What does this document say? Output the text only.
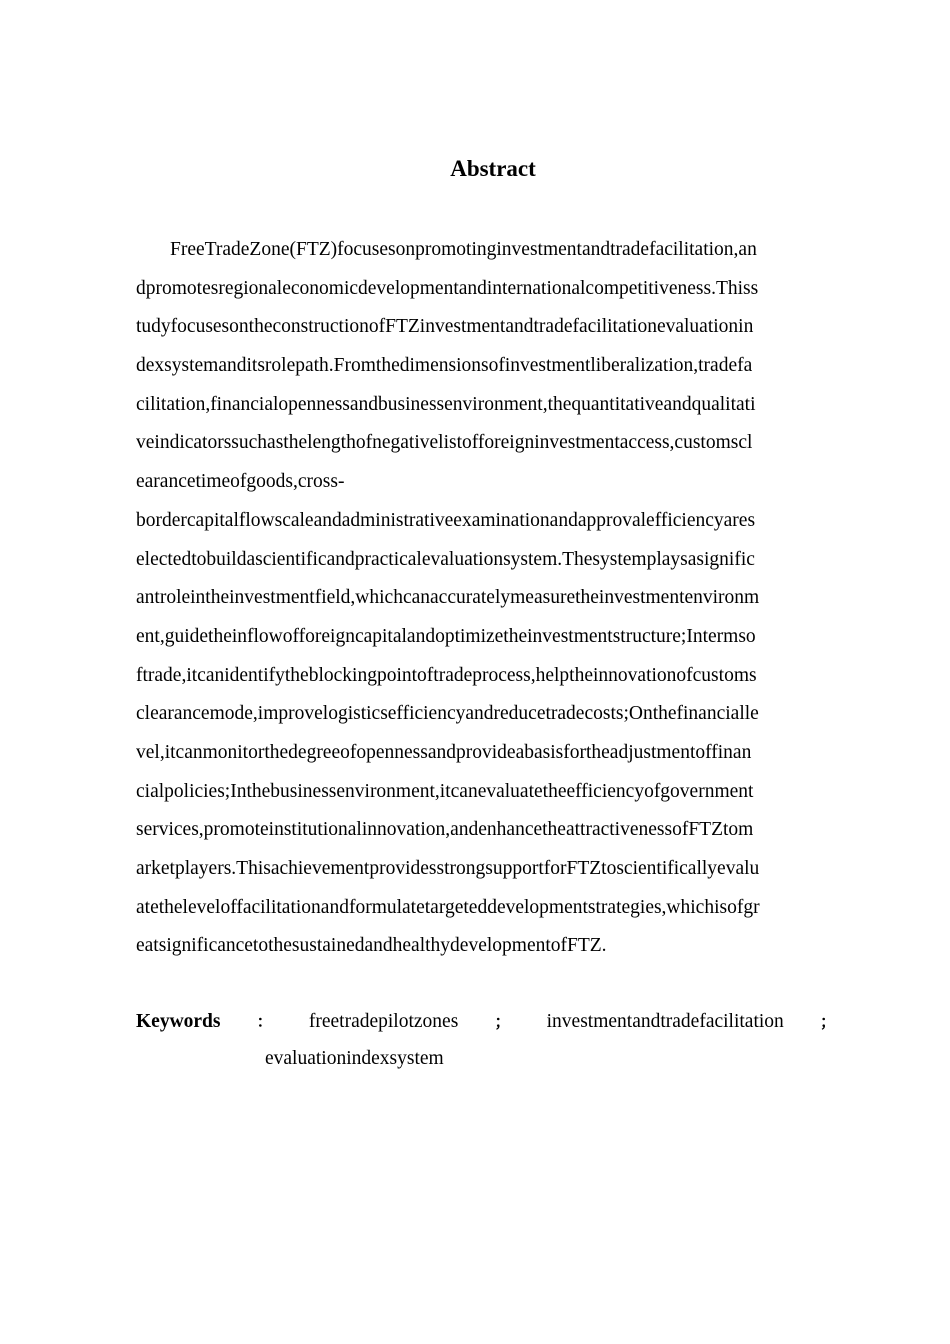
Abstract
FreeTradeZone(FTZ)focusesonpromotinginvestmentandtradefacilitation,an
dpromotesregionaleconomicdevelopmentandinternationalcompetitiveness.Thiss
tudyfocusesontheconstructionofFTZinvestmentandtradefacilitationevaluationin
dexsystemanditsrolepath.Fromthedimensionsofinvestmentliberalization,tradefa
cilitation,financialopennessandbusinessenvironment,thequantitativeandqualitati
veindicatorssuchasthelengthofnegativelistofforeigninvestmentaccess,customscl
earancetimeofgoods,cross-
bordercapitalflowscaleandadministrativeexaminationandapprovalefficiencyares
electedtobuildascientificandpracticalevaluationsystem.Thesystemplaysasignific
antroleintheinvestmentfield,whichcanaccuratelymeasuretheinvestmentenvironm
ent,guidetheinflowofforeigncapitalandoptimizetheinvestmentstructure;Intermso
ftrade,itcanidentifytheblockingpointoftradeprocess,helptheinnovationofcustoms
clearancemode,improvelogisticsefficiencyandreducetradecosts;Onthefinancialle
vel,itcanmonitorthedegreeofopennessandprovideabasisfortheadjustmentoffinan
cialpolicies;Inthebusinessenvironment,itcanevaluatetheefficiencyofgovernment
services,promoteinstitutionalinnovation,andenhancetheattractivenessofFTZtom
arketplayers.ThisachievementprovidesstrongsupportforFTZtoscientificallyevalu
atetheleveloffacilitationandformulatetargeteddevelopmentstrategies,whichisofgr
eatsignificancetothesustainedandhealthydevelopmentofFTZ.
Keywords ： freetradepilotzones ； investmentandtradefacilitation ；
evaluationindexsystem
